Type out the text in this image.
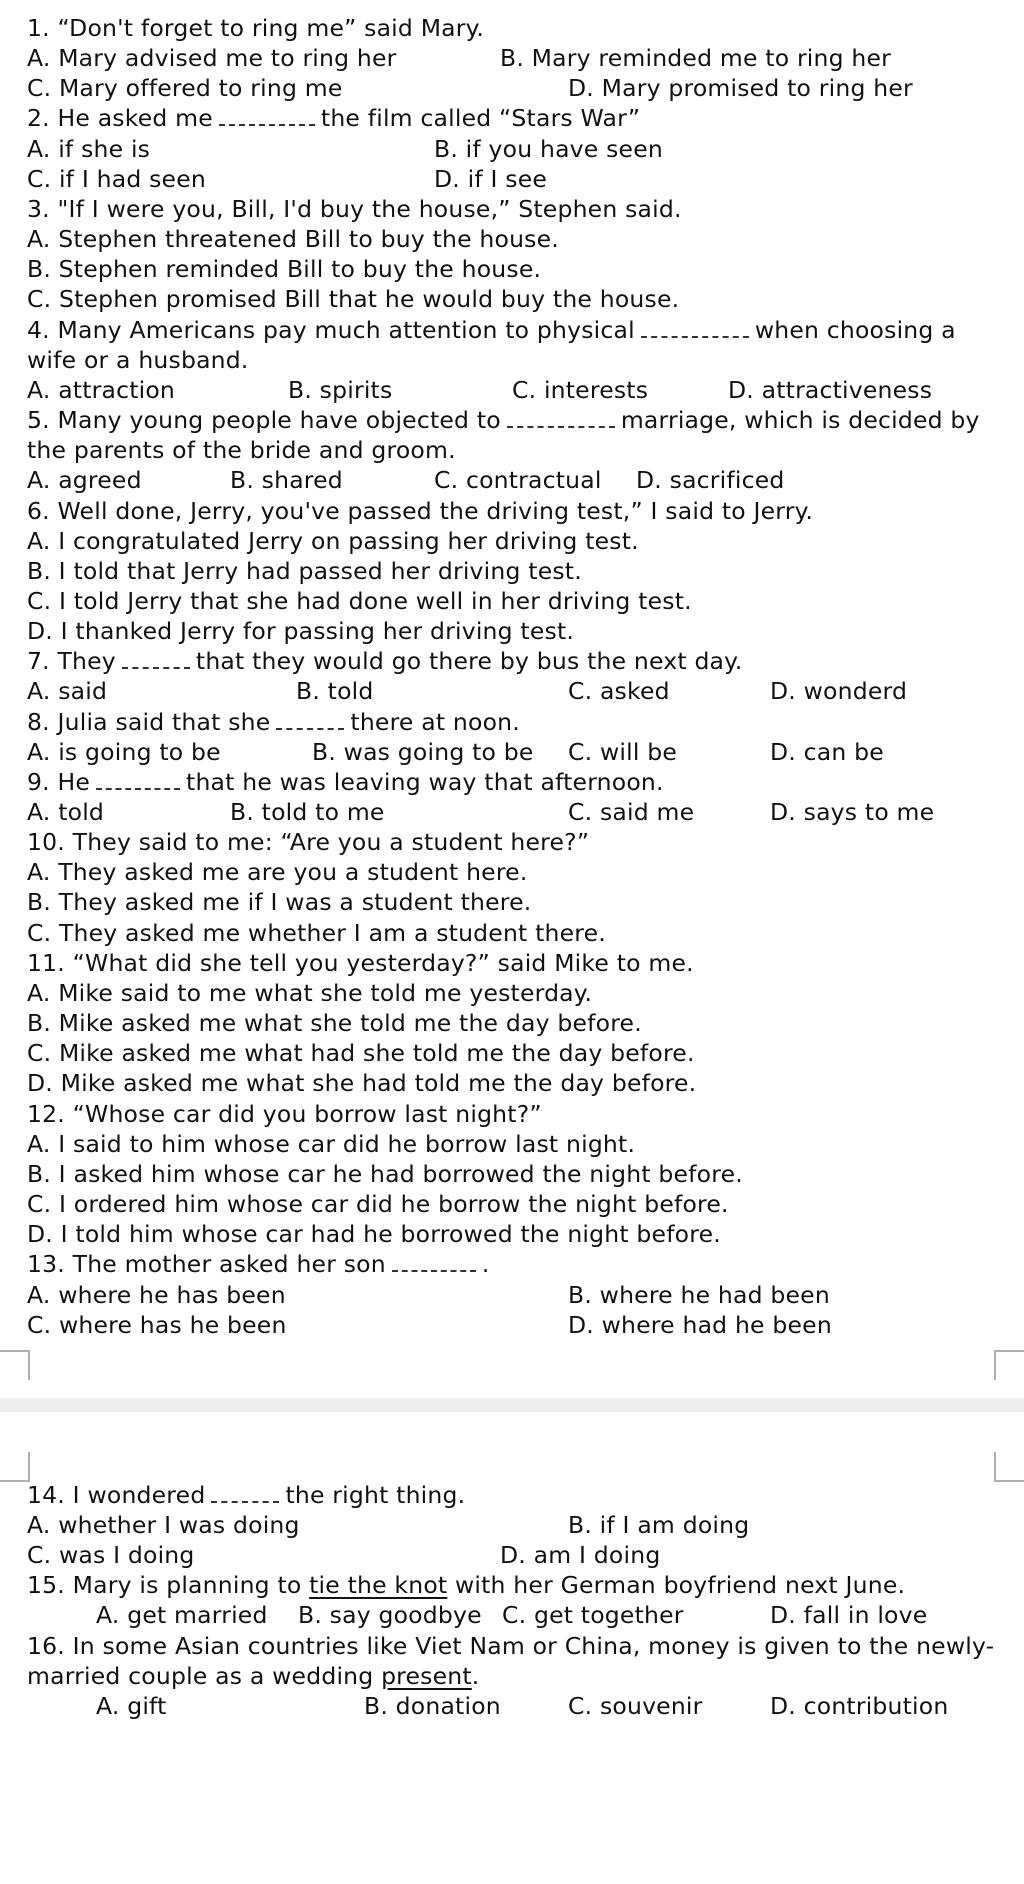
1. “Don't forget to ring me” said Mary.
A. Mary advised me to ring her	B. Mary reminded me to ring her
C. Mary offered to ring me	D. Mary promised to ring her
2. He asked me	the film called “Stars War”
A. if she is	B. if you have seen
C. if I had seen	D. if I see
3. "If I were you, Bill, I'd buy the house,” Stephen said.
A. Stephen threatened Bill to buy the house.
B. Stephen reminded Bill to buy the house.
C. Stephen promised Bill that he would buy the house.
4. Many Americans pay much attention to physical	when choosing a
wife or a husband.
A. attraction	B. spirits	C. interests	D. attractiveness
5. Many young people have objected to	marriage, which is decided by
the parents of the bride and groom.
A. agreed	B. shared	C. contractual D. sacrificed
6. Well done, Jerry, you've passed the driving test,” I said to Jerry.
A. I congratulated Jerry on passing her driving test.
B. I told that Jerry had passed her driving test.
C. I told Jerry that she had done well in her driving test.
D. I thanked Jerry for passing her driving test.
7. They	that they would go there by bus the next day.
A. said	B. told	C. asked	D. wonderd
8. Julia said that she	there at noon.
A. is going to be	B. was going to be C. will be	D. can be
9. He	that he was leaving way that afternoon.
A. told	B. told to me	C. said me	D. says to me
10. They said to me: “Are you a student here?”
A. They asked me are you a student here.
B. They asked me if I was a student there.
C. They asked me whether I am a student there.
11. “What did she tell you yesterday?” said Mike to me.
A. Mike said to me what she told me yesterday.
B. Mike asked me what she told me the day before.
C. Mike asked me what had she told me the day before.
D. Mike asked me what she had told me the day before.
12. “Whose car did you borrow last night?”
A. I said to him whose car did he borrow last night.
B. I asked him whose car he had borrowed the night before.
C. I ordered him whose car did he borrow the night before.
D. I told him whose car had he borrowed the night before.
13. The mother asked her son	.
A. where he has been	B. where he had been
C. where has he been	D. where had he been
14. I wondered	the right thing.
A. whether I was doing	B. if I am doing
C. was I doing	D. am I doing
15. Mary is planning to tie the knot with her German boyfriend next June.
A. get married B. say goodbye C. get together	D. fall in love
16. In some Asian countries like Viet Nam or China, money is given to the newly-
married couple as a wedding present.
A. gift	B. donation	C. souvenir	D. contribution
